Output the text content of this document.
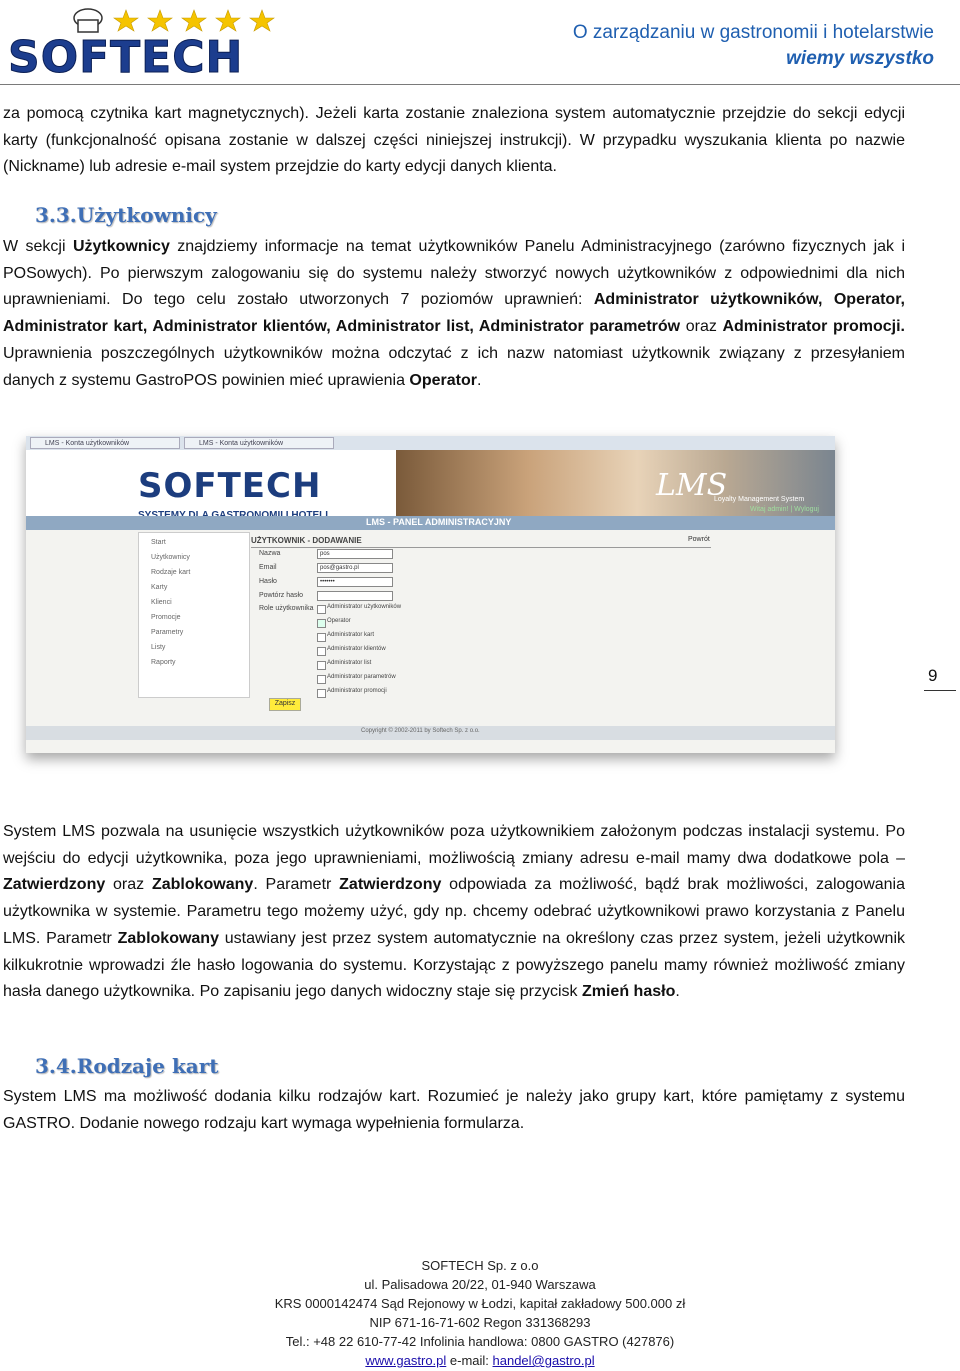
SOFTECH	O zarządzaniu w gastronomii i hotelarstwie
wiemy wszystko
za pomocą czytnika kart magnetycznych). Jeżeli karta zostanie znaleziona system automatycznie przejdzie do sekcji edycji karty (funkcjonalność opisana zostanie w dalszej części niniejszej instrukcji). W przypadku wyszukania klienta po nazwie (Nickname) lub adresie e-mail system przejdzie do karty edycji danych klienta.
3.3.Użytkownicy
W sekcji Użytkownicy znajdziemy informacje na temat użytkowników Panelu Administracyjnego (zarówno fizycznych jak i POSowych). Po pierwszym zalogowaniu się do systemu należy stworzyć nowych użytkowników z odpowiednimi dla nich uprawnieniami. Do tego celu zostało utworzonych 7 poziomów uprawnień: Administrator użytkowników, Operator, Administrator kart, Administrator klientów, Administrator list, Administrator parametrów oraz Administrator promocji. Uprawnienia poszczególnych użytkowników można odczytać z ich nazw natomiast użytkownik związany z przesyłaniem danych z systemu GastroPOS powinien mieć uprawienia Operator.
LMS - Konta użytkowników	LMS - Konta użytkowników
SOFTECH	LMS
Loyalty Management System
Witaj admin! | Wyloguj
LMS - PANEL ADMINISTRACYJNY
Start
Użytkownicy
Rodzaje kart
Karty
Klienci
Promocje
Parametry
Listy
Raporty
Powrót
UŻYTKOWNIK - DODAWANIE
Nazwa	pos
Email	pos@gastro.pl
Hasło	•••••••
Powtórz hasło
Role użytkownika Administrator użytkowników
Operator
Administrator kart
Administrator klientów
Administrator list
Administrator parametrów
Administrator promocji
Zapisz
Copyright © 2002-2011 by Softech Sp. z o.o.
9
System LMS pozwala na usunięcie wszystkich użytkowników poza użytkownikiem założonym podczas instalacji systemu. Po wejściu do edycji użytkownika, poza jego uprawnieniami, możliwością zmiany adresu e-mail mamy dwa dodatkowe pola – Zatwierdzony oraz Zablokowany. Parametr Zatwierdzony odpowiada za możliwość, bądź brak możliwości, zalogowania użytkownika w systemie. Parametru tego możemy użyć, gdy np. chcemy odebrać użytkownikowi prawo korzystania z Panelu LMS. Parametr Zablokowany ustawiany jest przez system automatycznie na określony czas przez system, jeżeli użytkownik kilkukrotnie wprowadzi źle hasło logowania do systemu. Korzystając z powyższego panelu mamy również możliwość zmiany hasła danego użytkownika. Po zapisaniu jego danych widoczny staje się przycisk Zmień hasło.
3.4.Rodzaje kart
System LMS ma możliwość dodania kilku rodzajów kart. Rozumieć je należy jako grupy kart, które pamiętamy z systemu GASTRO. Dodanie nowego rodzaju kart wymaga wypełnienia formularza.
SOFTECH Sp. z o.o
ul. Palisadowa 20/22, 01-940 Warszawa
KRS 0000142474 Sąd Rejonowy w Łodzi, kapitał zakładowy 500.000 zł
NIP 671-16-71-602 Regon 331368293
Tel.: +48 22 610-77-42 Infolinia handlowa: 0800 GASTRO (427876)
www.gastro.pl e-mail: handel@gastro.pl
